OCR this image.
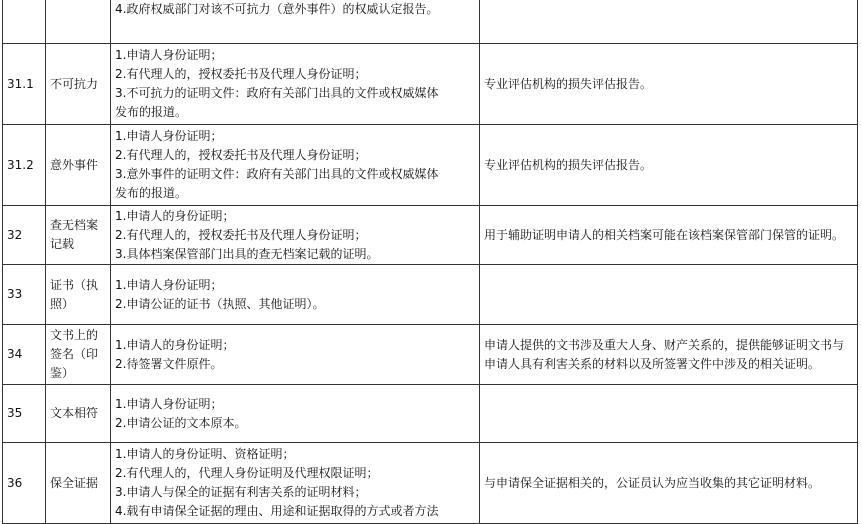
		4.政府权威部门对该不可抗力（意外事件）的权威认定报告。	

31.1	不可抗力	1.申请人身份证明；
2.有代理人的，授权委托书及代理人身份证明；
3.不可抗力的证明文件：政府有关部门出具的文件或权威媒体
发布的报道。	专业评估机构的损失评估报告。
31.2	意外事件	1.申请人身份证明；
2.有代理人的，授权委托书及代理人身份证明；
3.意外事件的证明文件：政府有关部门出具的文件或权威媒体
发布的报道。	专业评估机构的损失评估报告。
32	查无档案记载	1.申请人的身份证明；
2.有代理人的，授权委托书及代理人身份证明；
3.具体档案保管部门出具的查无档案记载的证明。	用于辅助证明申请人的相关档案可能在该档案保管部门保管的证明。
33	证书（执照）	1.申请人身份证明；
2.申请公证的证书（执照、其他证明）。	

34	文书上的签名（印鉴）	1.申请人的身份证明；
2.待签署文件原件。	申请人提供的文书涉及重大人身、财产关系的，提供能够证明文书与申请人具有利害关系的材料以及所签署文件中涉及的相关证明。
35	文本相符	1.申请人身份证明；
2.申请公证的文本原本。	

36	保全证据	1.申请人的身份证明、资格证明；
2.有代理人的，代理人身份证明及代理权限证明；
3.申请人与保全的证据有利害关系的证明材料；
4.载有申请保全证据的理由、用途和证据取得的方式或者方法	与申请保全证据相关的，公证员认为应当收集的其它证明材料。
